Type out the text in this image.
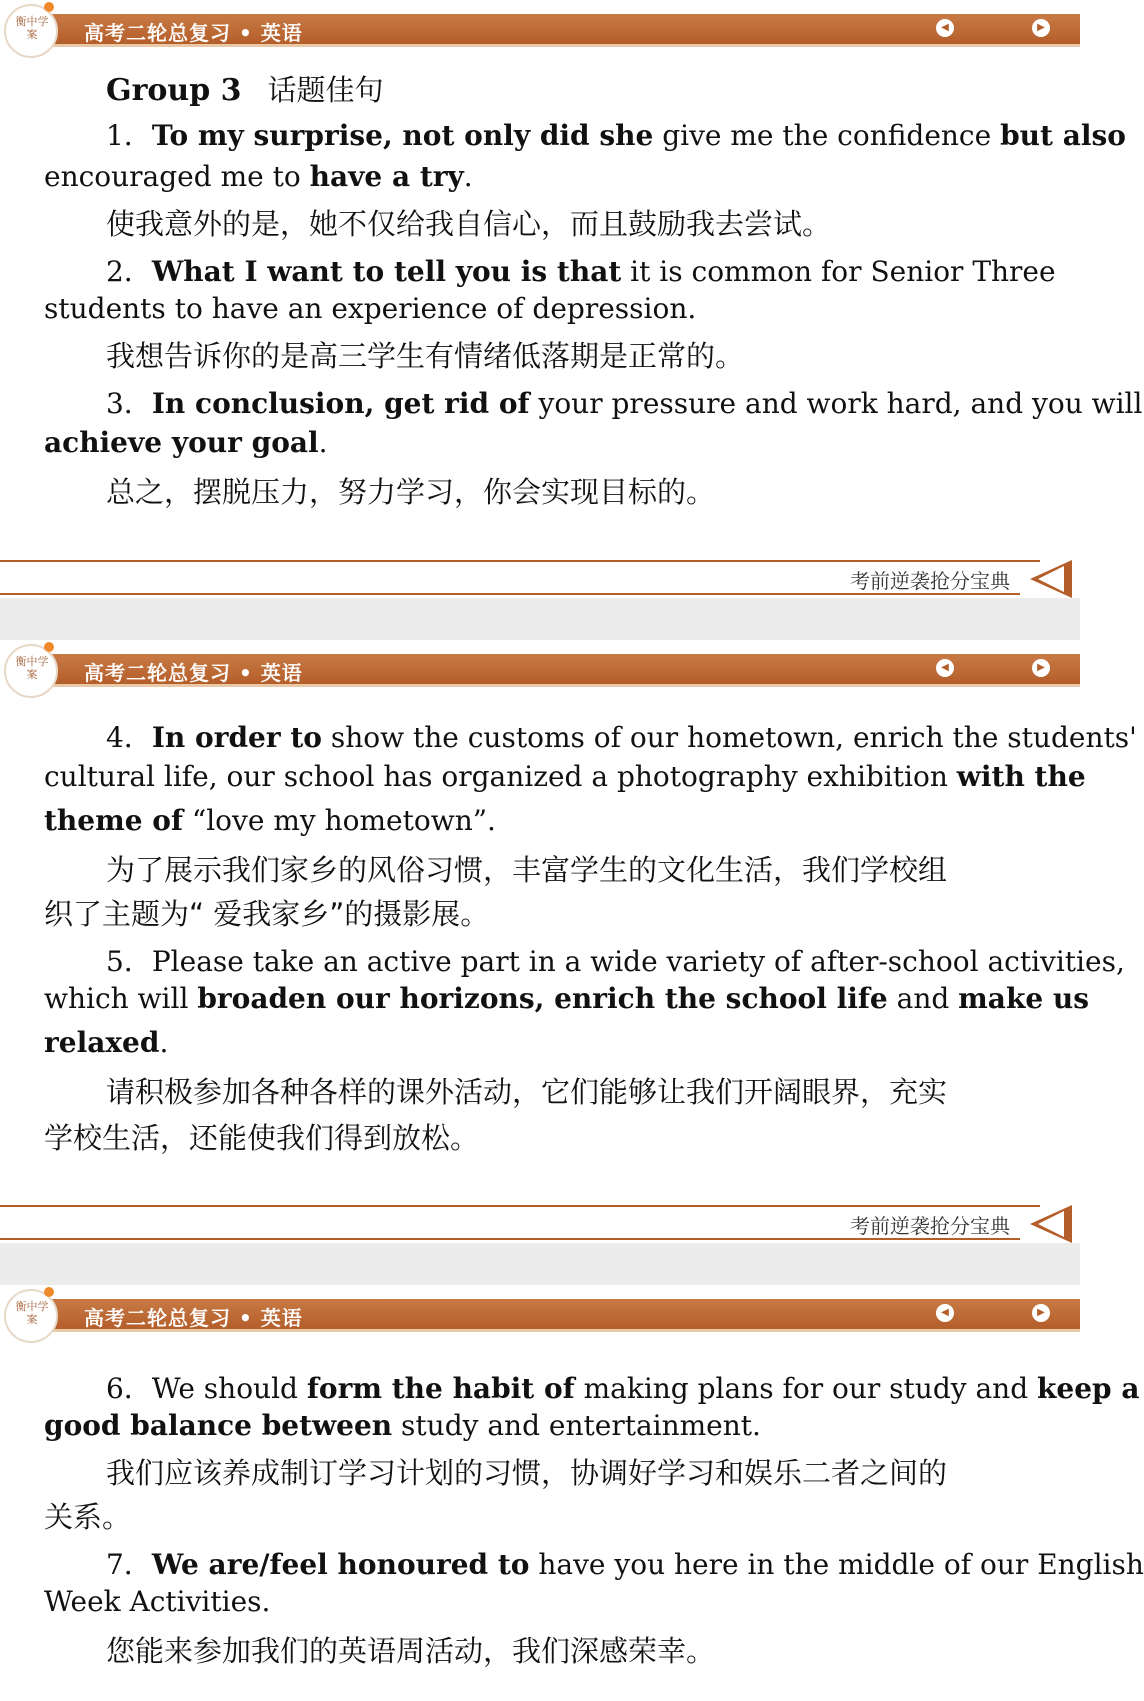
高考二轮总复习 • 英语	◀	▶
衡中学案
Group 3 话题佳句
1．To my surprise, not only did she give me the confidence but also
encouraged me to have a try.
使我意外的是，她不仅给我自信心，而且鼓励我去尝试。
2．What I want to tell you is that it is common for Senior Three
students to have an experience of depression.
我想告诉你的是高三学生有情绪低落期是正常的。
3．In conclusion, get rid of your pressure and work hard, and you will
achieve your goal.
总之，摆脱压力，努力学习，你会实现目标的。
考前逆袭抢分宝典
高考二轮总复习 • 英语	◀	▶
衡中学案
4．In order to show the customs of our hometown, enrich the students'
cultural life, our school has organized a photography exhibition with the
theme of “love my hometown”.
为了展示我们家乡的风俗习惯，丰富学生的文化生活，我们学校组
织了主题为“ 爱我家乡”的摄影展。
5．Please take an active part in a wide variety of after-school activities,
which will broaden our horizons, enrich the school life and make us
relaxed.
请积极参加各种各样的课外活动，它们能够让我们开阔眼界，充实
学校生活，还能使我们得到放松。
考前逆袭抢分宝典
高考二轮总复习 • 英语	◀	▶
衡中学案
6．We should form the habit of making plans for our study and keep a
good balance between study and entertainment.
我们应该养成制订学习计划的习惯，协调好学习和娱乐二者之间的
关系。
7．We are/feel honoured to have you here in the middle of our English
Week Activities.
您能来参加我们的英语周活动，我们深感荣幸。
